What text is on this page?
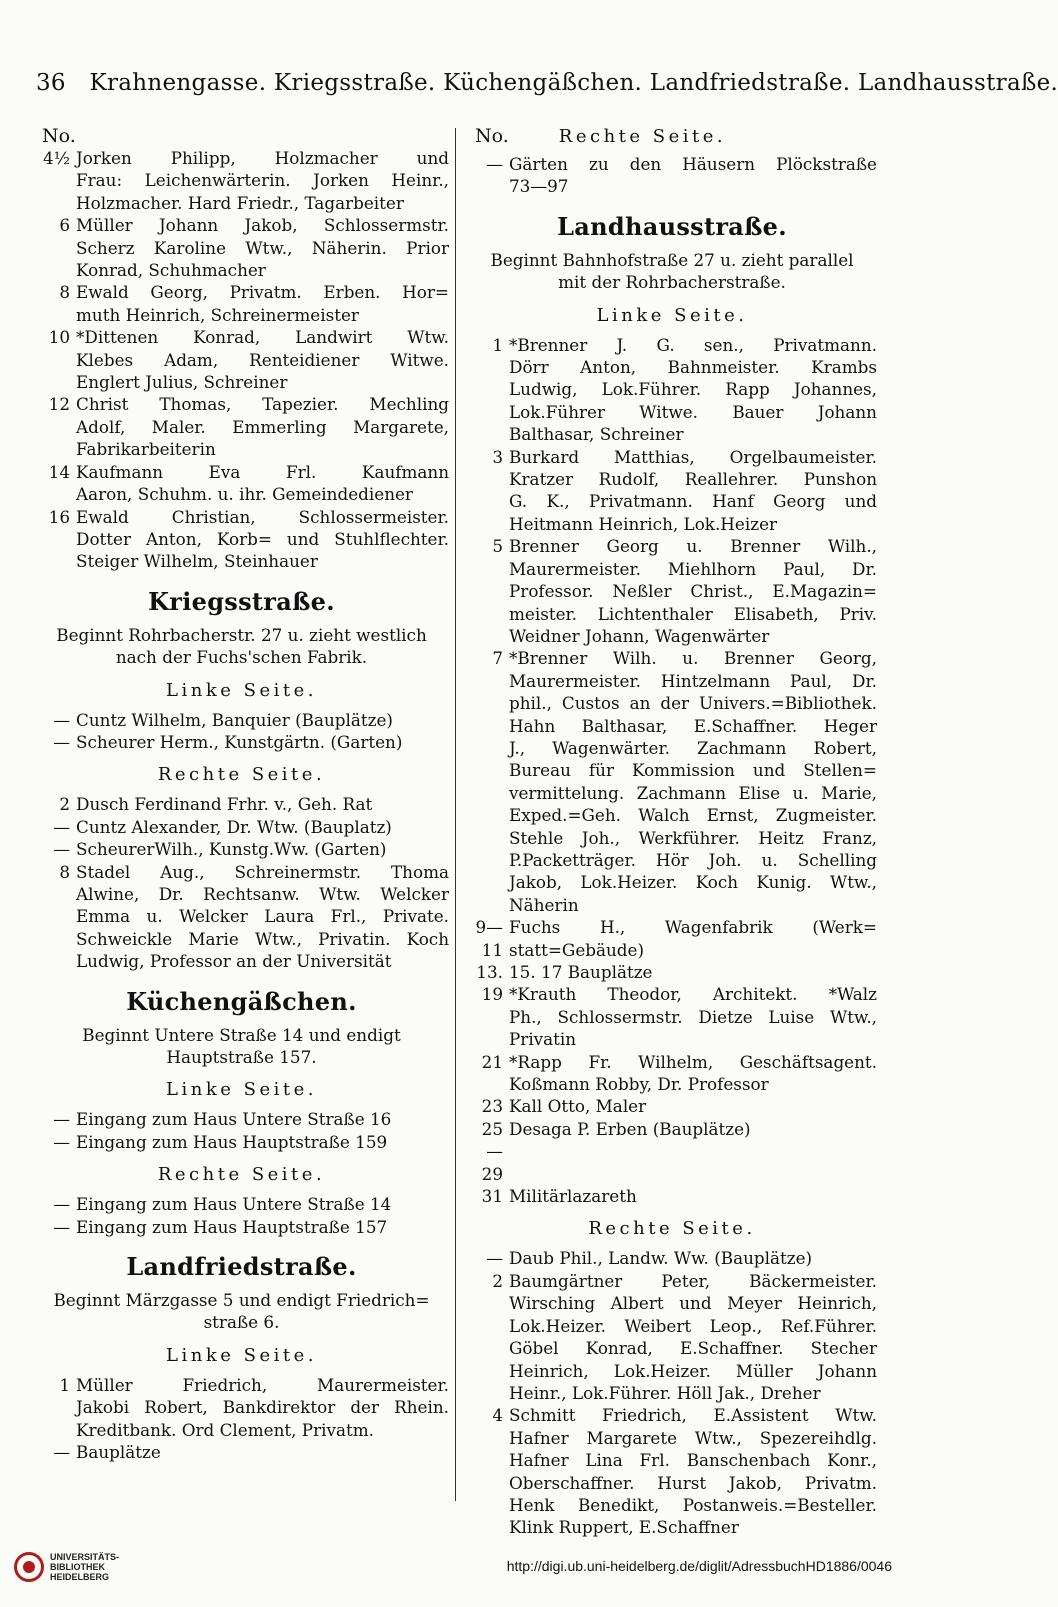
36 Krahnengasse. Kriegsstraße. Küchengäßchen. Landfriedstraße. Landhausstraße.
No.
4½ Jorken Philipp, Holzmacher und
Frau: Leichenwärterin. Jorken Heinr.,
Holzmacher. Hard Friedr., Tagarbeiter
6 Müller Johann Jakob, Schlossermstr.
Scherz Karoline Wtw., Näherin. Prior
Konrad, Schuhmacher
8 Ewald Georg, Privatm. Erben. Hor=
muth Heinrich, Schreinermeister
10 *Dittenen Konrad, Landwirt Wtw.
Klebes Adam, Renteidiener Witwe.
Englert Julius, Schreiner
12 Christ Thomas, Tapezier. Mechling
Adolf, Maler. Emmerling Margarete,
Fabrikarbeiterin
14 Kaufmann Eva Frl. Kaufmann
Aaron, Schuhm. u. ihr. Gemeindediener
16 Ewald Christian, Schlossermeister.
Dotter Anton, Korb= und Stuhlflechter.
Steiger Wilhelm, Steinhauer
Kriegsstraße.
Beginnt Rohrbacherstr. 27 u. zieht westlich
nach der Fuchs'schen Fabrik.
Linke Seite.
— Cuntz Wilhelm, Banquier (Bauplätze)
— Scheurer Herm., Kunstgärtn. (Garten)
Rechte Seite.
2 Dusch Ferdinand Frhr. v., Geh. Rat
— Cuntz Alexander, Dr. Wtw. (Bauplatz)
— ScheurerWilh., Kunstg.Ww. (Garten)
8 Stadel Aug., Schreinermstr. Thoma
Alwine, Dr. Rechtsanw. Wtw. Welcker
Emma u. Welcker Laura Frl., Private.
Schweickle Marie Wtw., Privatin. Koch
Ludwig, Professor an der Universität
Küchengäßchen.
Beginnt Untere Straße 14 und endigt
Hauptstraße 157.
Linke Seite.
— Eingang zum Haus Untere Straße 16
— Eingang zum Haus Hauptstraße 159
Rechte Seite.
— Eingang zum Haus Untere Straße 14
— Eingang zum Haus Hauptstraße 157
Landfriedstraße.
Beginnt Märzgasse 5 und endigt Friedrich=
straße 6.
Linke Seite.
1 Müller Friedrich, Maurermeister.
Jakobi Robert, Bankdirektor der Rhein.
Kreditbank. Ord Clement, Privatm.
— Bauplätze
No.	Rechte Seite.
— Gärten zu den Häusern Plöckstraße
73—97
Landhausstraße.
Beginnt Bahnhofstraße 27 u. zieht parallel
mit der Rohrbacherstraße.
Linke Seite.
1 *Brenner J. G. sen., Privatmann.
Dörr Anton, Bahnmeister. Krambs
Ludwig, Lok.Führer. Rapp Johannes,
Lok.Führer Witwe. Bauer Johann
Balthasar, Schreiner
3 Burkard Matthias, Orgelbaumeister.
Kratzer Rudolf, Reallehrer. Punshon
G. K., Privatmann. Hanf Georg und
Heitmann Heinrich, Lok.Heizer
5 Brenner Georg u. Brenner Wilh.,
Maurermeister. Miehlhorn Paul, Dr.
Professor. Neßler Christ., E.Magazin=
meister. Lichtenthaler Elisabeth, Priv.
Weidner Johann, Wagenwärter
7 *Brenner Wilh. u. Brenner Georg,
Maurermeister. Hintzelmann Paul, Dr.
phil., Custos an der Univers.=Bibliothek.
Hahn Balthasar, E.Schaffner. Heger
J., Wagenwärter. Zachmann Robert,
Bureau für Kommission und Stellen=
vermittelung. Zachmann Elise u. Marie,
Exped.=Geh. Walch Ernst, Zugmeister.
Stehle Joh., Werkführer. Heitz Franz,
P.Packetträger. Hör Joh. u. Schelling
Jakob, Lok.Heizer. Koch Kunig. Wtw.,
Näherin
9—11
Fuchs H., Wagenfabrik (Werk=
statt=Gebäude)
13. 15. 17 Bauplätze
19 *Krauth Theodor, Architekt. *Walz
Ph., Schlossermstr. Dietze Luise Wtw.,
Privatin
21 *Rapp Fr. Wilhelm, Geschäftsagent.
Koßmann Robby, Dr. Professor
23 Kall Otto, Maler
25—29
Desaga P. Erben (Bauplätze)
31 Militärlazareth
Rechte Seite.
— Daub Phil., Landw. Ww. (Bauplätze)
2 Baumgärtner Peter, Bäckermeister.
Wirsching Albert und Meyer Heinrich,
Lok.Heizer. Weibert Leop., Ref.Führer.
Göbel Konrad, E.Schaffner. Stecher
Heinrich, Lok.Heizer. Müller Johann
Heinr., Lok.Führer. Höll Jak., Dreher
4 Schmitt Friedrich, E.Assistent Wtw.
Hafner Margarete Wtw., Spezereihdlg.
Hafner Lina Frl. Banschenbach Konr.,
Oberschaffner. Hurst Jakob, Privatm.
Henk Benedikt, Postanweis.=Besteller.
Klink Ruppert, E.Schaffner
UNIVERSITÄTS-
BIBLIOTHEK
HEIDELBERG
http://digi.ub.uni-heidelberg.de/diglit/AdressbuchHD1886/0046
